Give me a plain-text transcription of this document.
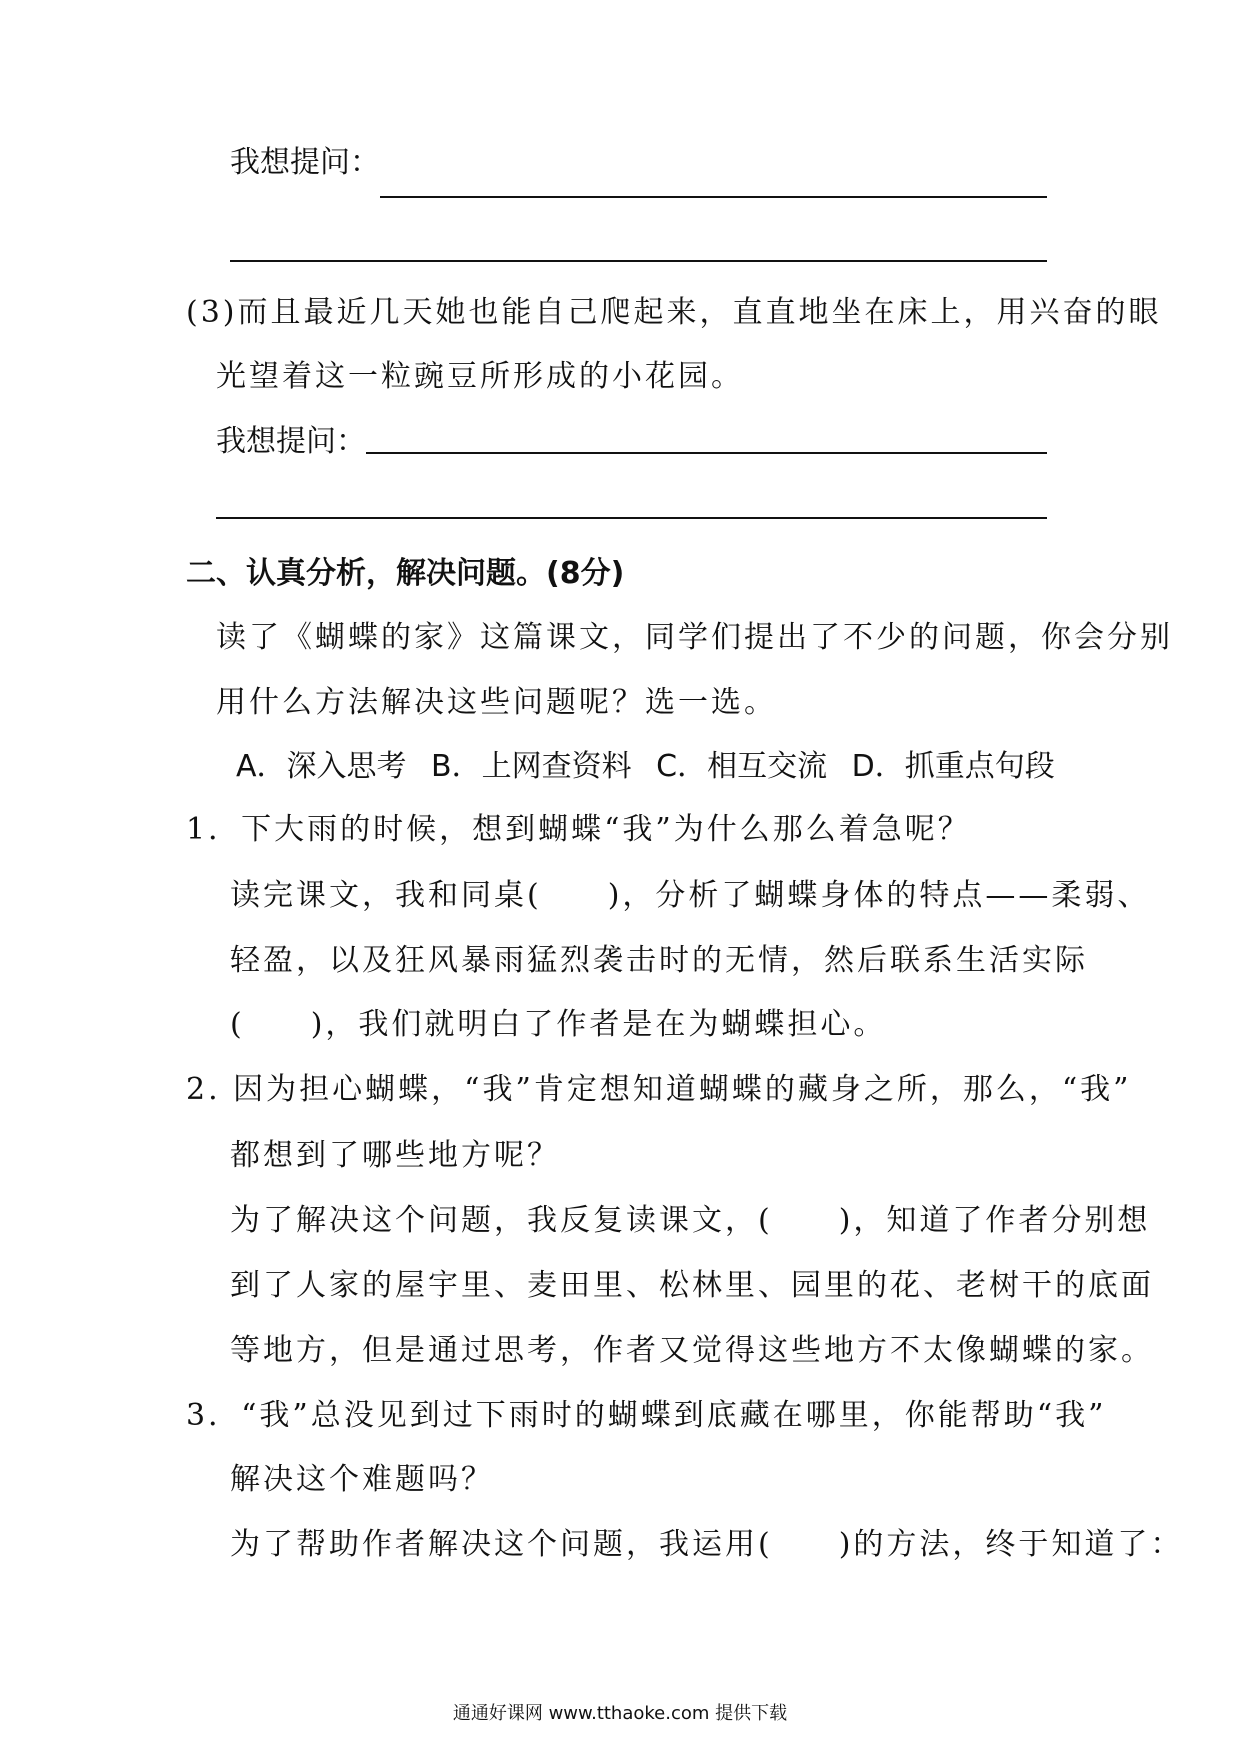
我想提问：
(3)而且最近几天她也能自己爬起来，直直地坐在床上，用兴奋的眼
光望着这一粒豌豆所形成的小花园。
我想提问：
二、认真分析，解决问题。(8分)
读了《蝴蝶的家》这篇课文，同学们提出了不少的问题，你会分别
用什么方法解决这些问题呢？选一选。
A．深入思考 B．上网查资料 C．相互交流 D．抓重点句段
1．下大雨的时候，想到蝴蝶“我”为什么那么着急呢？
读完课文，我和同桌(　　)，分析了蝴蝶身体的特点——柔弱、
轻盈，以及狂风暴雨猛烈袭击时的无情，然后联系生活实际
(　　)，我们就明白了作者是在为蝴蝶担心。
2. 因为担心蝴蝶，“我”肯定想知道蝴蝶的藏身之所，那么，“我”
都想到了哪些地方呢？
为了解决这个问题，我反复读课文，(　　)，知道了作者分别想
到了人家的屋宇里、麦田里、松林里、园里的花、老树干的底面
等地方，但是通过思考，作者又觉得这些地方不太像蝴蝶的家。
3．“我”总没见到过下雨时的蝴蝶到底藏在哪里，你能帮助“我”
解决这个难题吗？
为了帮助作者解决这个问题，我运用(　　)的方法，终于知道了：
通通好课网 www.tthaoke.com 提供下载
